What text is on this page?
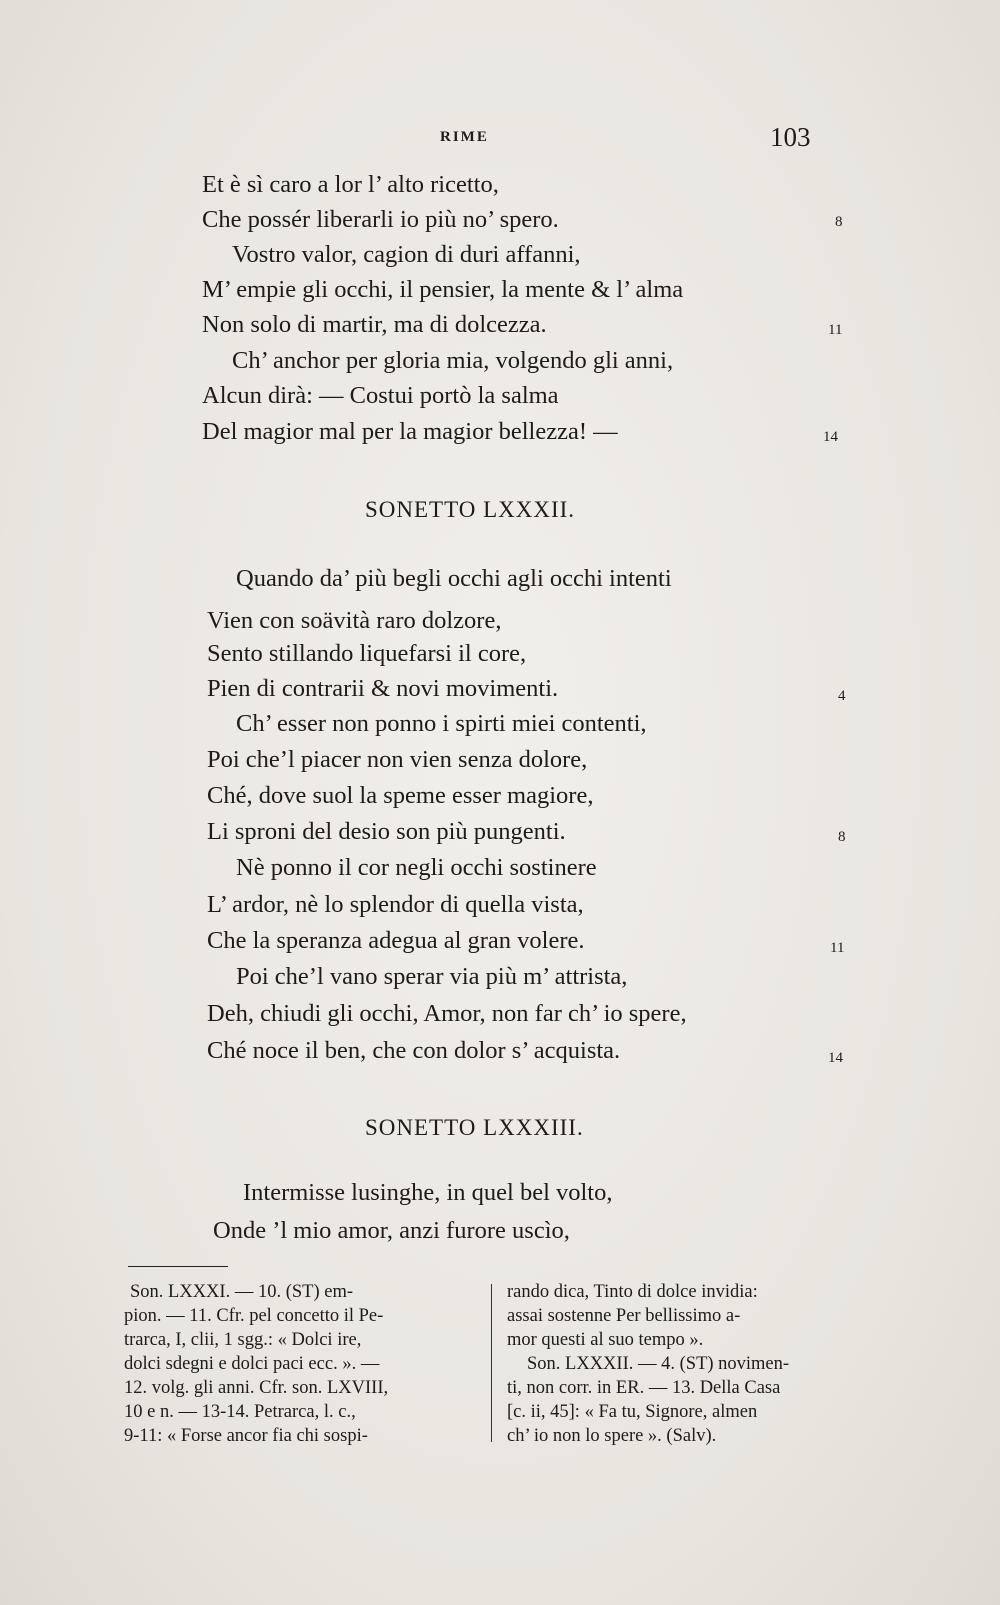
RIME	103
Et è sì caro a lor l’ alto ricetto,
Che possér liberarli io più no’ spero.
Vostro valor, cagion di duri affanni,
M’ empie gli occhi, il pensier, la mente & l’ alma
Non solo di martir, ma di dolcezza.
Ch’ anchor per gloria mia, volgendo gli anni,
Alcun dirà: — Costui portò la salma
Del magior mal per la magior bellezza! —
8
11
14
SONETTO LXXXII.
Quando da’ più begli occhi agli occhi intenti
Vien con soävità raro dolzore,
Sento stillando liquefarsi il core,
Pien di contrarii & novi movimenti.
Ch’ esser non ponno i spirti miei contenti,
Poi che’l piacer non vien senza dolore,
Ché, dove suol la speme esser magiore,
Li sproni del desio son più pungenti.
Nè ponno il cor negli occhi sostinere
L’ ardor, nè lo splendor di quella vista,
Che la speranza adegua al gran volere.
Poi che’l vano sperar via più m’ attrista,
Deh, chiudi gli occhi, Amor, non far ch’ io spere,
Ché noce il ben, che con dolor s’ acquista.
4
8
11
14
SONETTO LXXXIII.
Intermisse lusinghe, in quel bel volto,
Onde ’l mio amor, anzi furore uscìo,
Son. LXXXI. — 10. (ST) em-
pion. — 11. Cfr. pel concetto il Pe-
trarca, I, clii, 1 sgg.: « Dolci ire,
dolci sdegni e dolci paci ecc. ». —
12. volg. gli anni. Cfr. son. LXVIII,
10 e n. — 13-14. Petrarca, l. c.,
9-11: « Forse ancor fia chi sospi-
rando dica, Tinto di dolce invidia:
assai sostenne Per bellissimo a-
mor questi al suo tempo ».
Son. LXXXII. — 4. (ST) novimen-
ti, non corr. in ER. — 13. Della Casa
[c. ii, 45]: « Fa tu, Signore, almen
ch’ io non lo spere ». (Salv).
